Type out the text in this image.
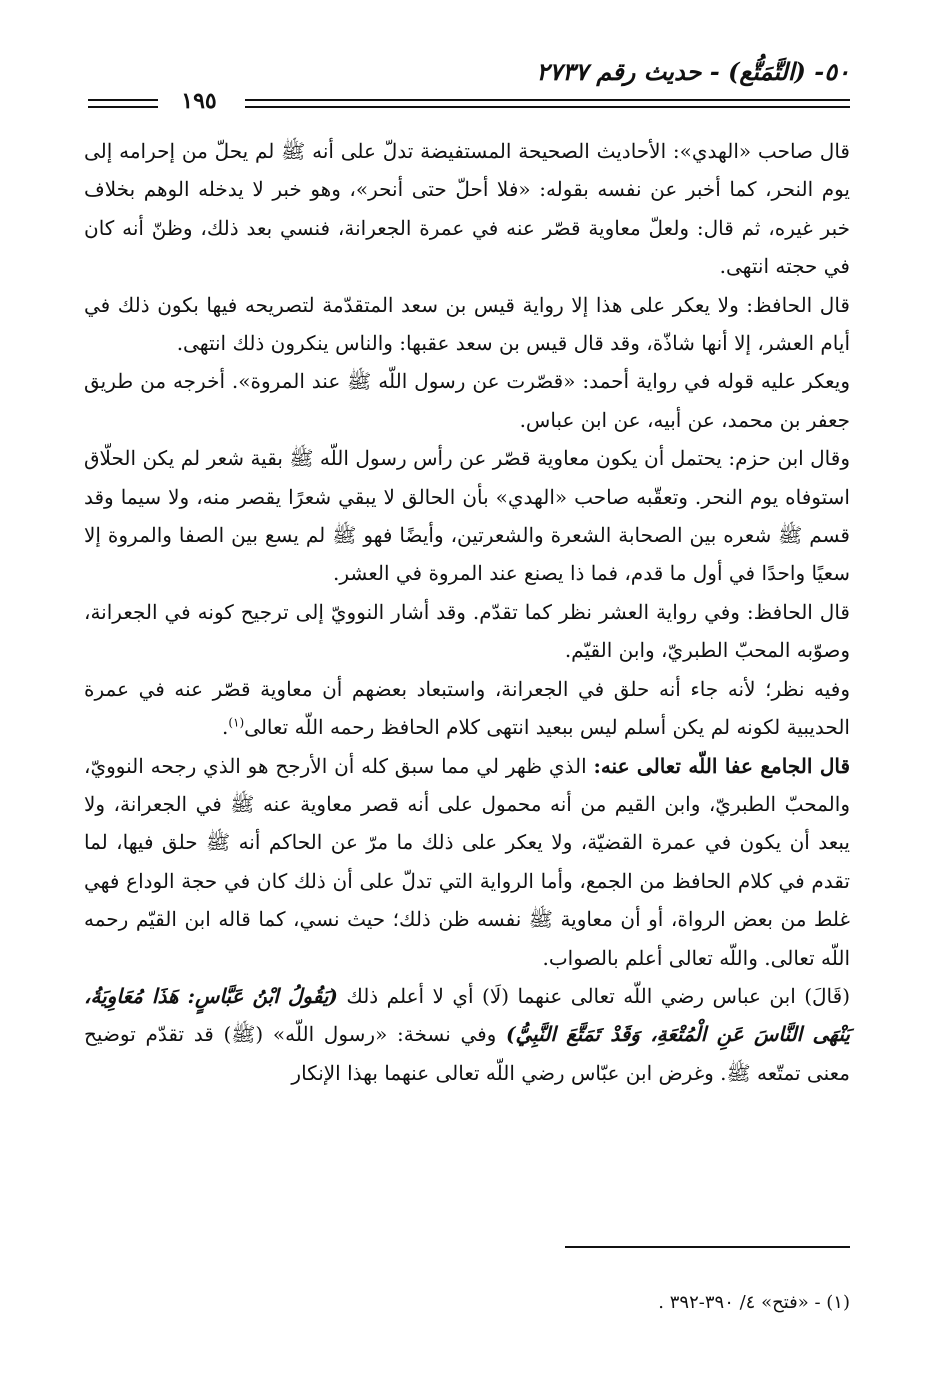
٥٠- (التَّمَتُّع) - حديث رقم ٢٧٣٧
١٩٥

قال صاحب «الهدي»: الأحاديث الصحيحة المستفيضة تدلّ على أنه ﷺ لم يحلّ من إحرامه إلى يوم النحر، كما أخبر عن نفسه بقوله: «فلا أحلّ حتى أنحر»، وهو خبر لا يدخله الوهم بخلاف خبر غيره، ثم قال: ولعلّ معاوية قصّر عنه في عمرة الجعرانة، فنسي بعد ذلك، وظنّ أنه كان في حجته انتهى.

قال الحافظ: ولا يعكر على هذا إلا رواية قيس بن سعد المتقدّمة لتصريحه فيها بكون ذلك في أيام العشر، إلا أنها شاذّة، وقد قال قيس بن سعد عقبها: والناس ينكرون ذلك انتهى.

ويعكر عليه قوله في رواية أحمد: «قصّرت عن رسول اللّه ﷺ عند المروة». أخرجه من طريق جعفر بن محمد، عن أبيه، عن ابن عباس.

وقال ابن حزم: يحتمل أن يكون معاوية قصّر عن رأس رسول اللّه ﷺ بقية شعر لم يكن الحلّاق استوفاه يوم النحر. وتعقّبه صاحب «الهدي» بأن الحالق لا يبقي شعرًا يقصر منه، ولا سيما وقد قسم ﷺ شعره بين الصحابة الشعرة والشعرتين، وأيضًا فهو ﷺ لم يسع بين الصفا والمروة إلا سعيًا واحدًا في أول ما قدم، فما ذا يصنع عند المروة في العشر.

قال الحافظ: وفي رواية العشر نظر كما تقدّم. وقد أشار النوويّ إلى ترجيح كونه في الجعرانة، وصوّبه المحبّ الطبريّ، وابن القيّم.

وفيه نظر؛ لأنه جاء أنه حلق في الجعرانة، واستبعاد بعضهم أن معاوية قصّر عنه في عمرة الحديبية لكونه لم يكن أسلم ليس ببعيد انتهى كلام الحافظ رحمه اللّه تعالى$^{(١)}$.

قال الجامع عفا اللّه تعالى عنه: الذي ظهر لي مما سبق كله أن الأرجح هو الذي رجحه النوويّ، والمحبّ الطبريّ، وابن القيم من أنه محمول على أنه قصر معاوية عنه ﷺ في الجعرانة، ولا يبعد أن يكون في عمرة القضيّة، ولا يعكر على ذلك ما مرّ عن الحاكم أنه ﷺ حلق فيها، لما تقدم في كلام الحافظ من الجمع، وأما الرواية التي تدلّ على أن ذلك كان في حجة الوداع فهي غلط من بعض الرواة، أو أن معاوية ﷺ نفسه ظن ذلك؛ حيث نسي، كما قاله ابن القيّم رحمه اللّه تعالى. واللّه تعالى أعلم بالصواب.

(قَالَ) ابن عباس رضي اللّه تعالى عنهما (لَا) أي لا أعلم ذلك (يَقُولُ ابْنُ عَبَّاسٍ: هَذَا مُعَاوِيَةُ، يَنْهَى النَّاسَ عَنِ الْمُتْعَةِ، وَقَدْ تَمَتَّعَ النَّبِيُّ) وفي نسخة: «رسول اللّه» (ﷺ) قد تقدّم توضيح معنى تمتّعه ﷺ. وغرض ابن عبّاس رضي اللّه تعالى عنهما بهذا الإنكار

(١) - «فتح» ٤/ ٣٩٠-٣٩٢ .
